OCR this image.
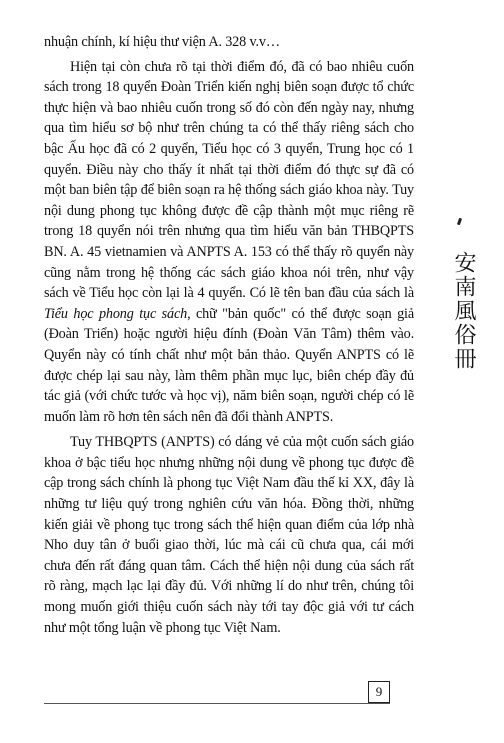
nhuận chính, kí hiệu thư viện A. 328 v.v…

Hiện tại còn chưa rõ tại thời điểm đó, đã có bao nhiêu cuốn sách trong 18 quyển Đoàn Triển kiến nghị biên soạn được tổ chức thực hiện và bao nhiêu cuốn trong số đó còn đến ngày nay, nhưng qua tìm hiểu sơ bộ như trên chúng ta có thể thấy riêng sách cho bậc Ấu học đã có 2 quyển, Tiểu học có 3 quyển, Trung học có 1 quyển. Điều này cho thấy ít nhất tại thời điểm đó thực sự đã có một ban biên tập để biên soạn ra hệ thống sách giáo khoa này. Tuy nội dung phong tục không được đề cập thành một mục riêng rẽ trong 18 quyển nói trên nhưng qua tìm hiểu văn bản THBQPTS BN. A. 45 vietnamien và ANPTS A. 153 có thể thấy rõ quyển này cũng nằm trong hệ thống các sách giáo khoa nói trên, như vậy sách về Tiểu học còn lại là 4 quyển. Có lẽ tên ban đầu của sách là Tiểu học phong tục sách, chữ "bản quốc" có thể được soạn giả (Đoàn Triển) hoặc người hiệu đính (Đoàn Văn Tâm) thêm vào. Quyển này có tính chất như một bản thảo. Quyển ANPTS có lẽ được chép lại sau này, làm thêm phần mục lục, biên chép đầy đủ tác giả (với chức tước và học vị), năm biên soạn, người chép có lẽ muốn làm rõ hơn tên sách nên đã đổi thành ANPTS.

Tuy THBQPTS (ANPTS) có dáng vẻ của một cuốn sách giáo khoa ở bậc tiểu học nhưng những nội dung về phong tục được đề cập trong sách chính là phong tục Việt Nam đầu thế kỉ XX, đây là những tư liệu quý trong nghiên cứu văn hóa. Đồng thời, những kiến giải về phong tục trong sách thể hiện quan điểm của lớp nhà Nho duy tân ở buổi giao thời, lúc mà cái cũ chưa qua, cái mới chưa đến rất đáng quan tâm. Cách thể hiện nội dung của sách rất rõ ràng, mạch lạc lại đầy đủ. Với những lí do như trên, chúng tôi mong muốn giới thiệu cuốn sách này tới tay độc giả với tư cách như một tổng luận về phong tục Việt Nam.

安南風俗冊
9
